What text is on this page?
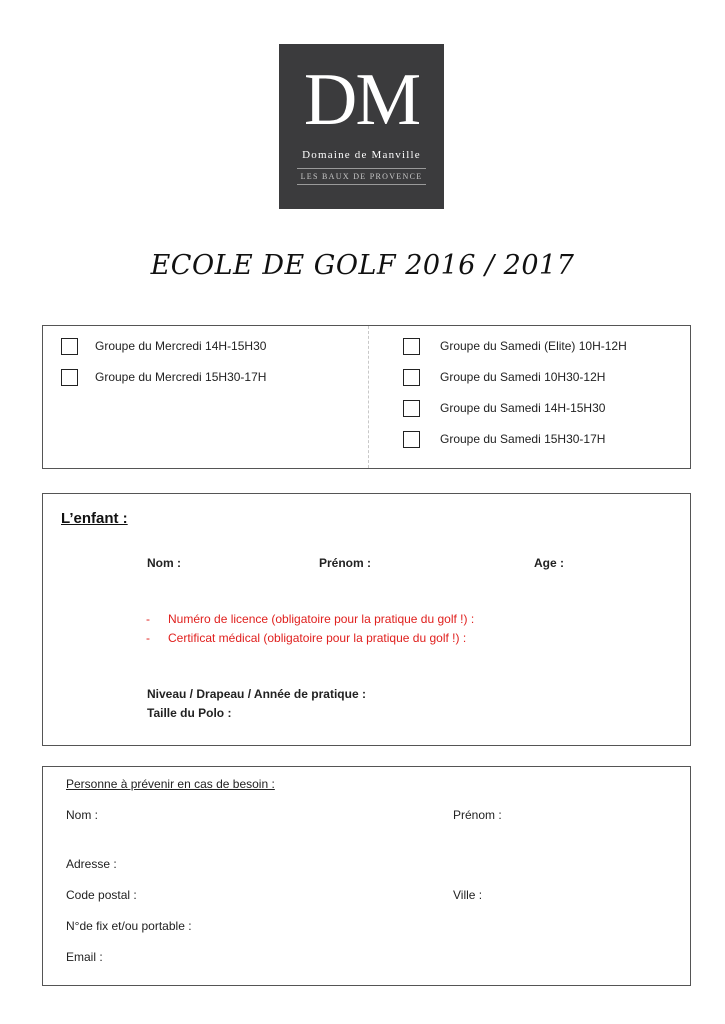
DM
Domaine de Manville
LES BAUX DE PROVENCE
ECOLE DE GOLF 2016 / 2017
Groupe du Mercredi 14H-15H30
Groupe du Mercredi 15H30-17H
Groupe du Samedi (Elite) 10H-12H
Groupe du Samedi 10H30-12H
Groupe du Samedi 14H-15H30
Groupe du Samedi 15H30-17H
L’enfant :
Nom :	Prénom :	Age :
- Numéro de licence (obligatoire pour la pratique du golf !) :
- Certificat médical (obligatoire pour la pratique du golf !) :
Niveau / Drapeau / Année de pratique :
Taille du Polo :
Personne à prévenir en cas de besoin :
Nom :	Prénom :
Adresse :
Code postal :	Ville :
N°de fix et/ou portable :
Email :
